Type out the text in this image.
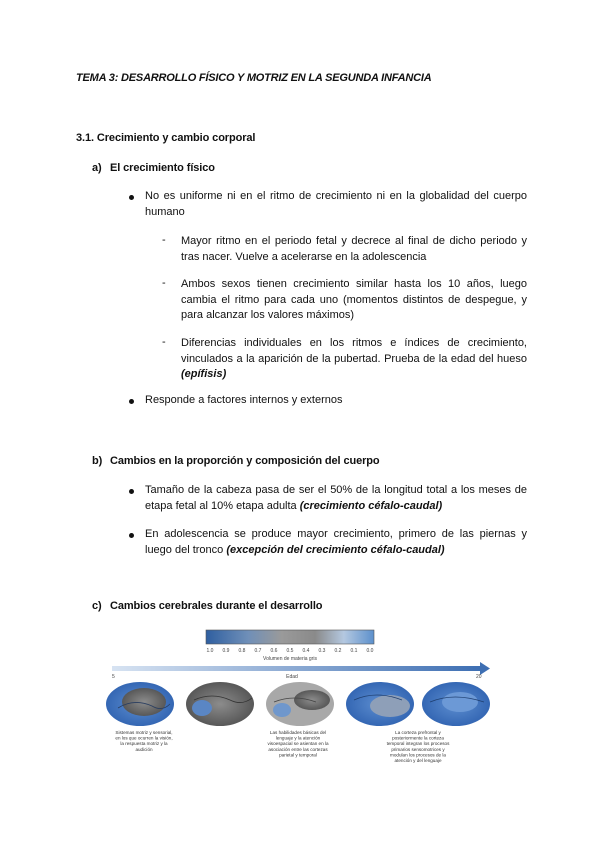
TEMA 3: DESARROLLO FÍSICO Y MOTRIZ EN LA SEGUNDA INFANCIA
3.1. Crecimiento y cambio corporal
a) El crecimiento físico
No es uniforme ni en el ritmo de crecimiento ni en la globalidad del cuerpo humano
- Mayor ritmo en el periodo fetal y decrece al final de dicho periodo y tras nacer. Vuelve a acelerarse en la adolescencia
- Ambos sexos tienen crecimiento similar hasta los 10 años, luego cambia el ritmo para cada uno (momentos distintos de despegue, y para alcanzar los valores máximos)
- Diferencias individuales en los ritmos e índices de crecimiento, vinculados a la aparición de la pubertad. Prueba de la edad del hueso (epífisis)
Responde a factores internos y externos
b) Cambios en la proporción y composición del cuerpo
Tamaño de la cabeza pasa de ser el 50% de la longitud total a los meses de etapa fetal al 10% etapa adulta (crecimiento céfalo-caudal)
En adolescencia se produce mayor crecimiento, primero de las piernas y luego del tronco (excepción del crecimiento céfalo-caudal)
c) Cambios cerebrales durante el desarrollo
1.0 0.9 0.8 0.7 0.6 0.5 0.4 0.3 0.2 0.1 0.0
Volumen de materia gris
5	Edad	20
Sistemas motriz y sensorial, en los que ocurren la visión, la respuesta motriz y la audición
Las habilidades básicas del lenguaje y la atención visoespacial se asientan en la asociación entre las cortezas parietal y temporal
La corteza prefrontal y posteriormente la corteza temporal integran los procesos primarios sensomotrices y modulan los procesos de la atención y del lenguaje
